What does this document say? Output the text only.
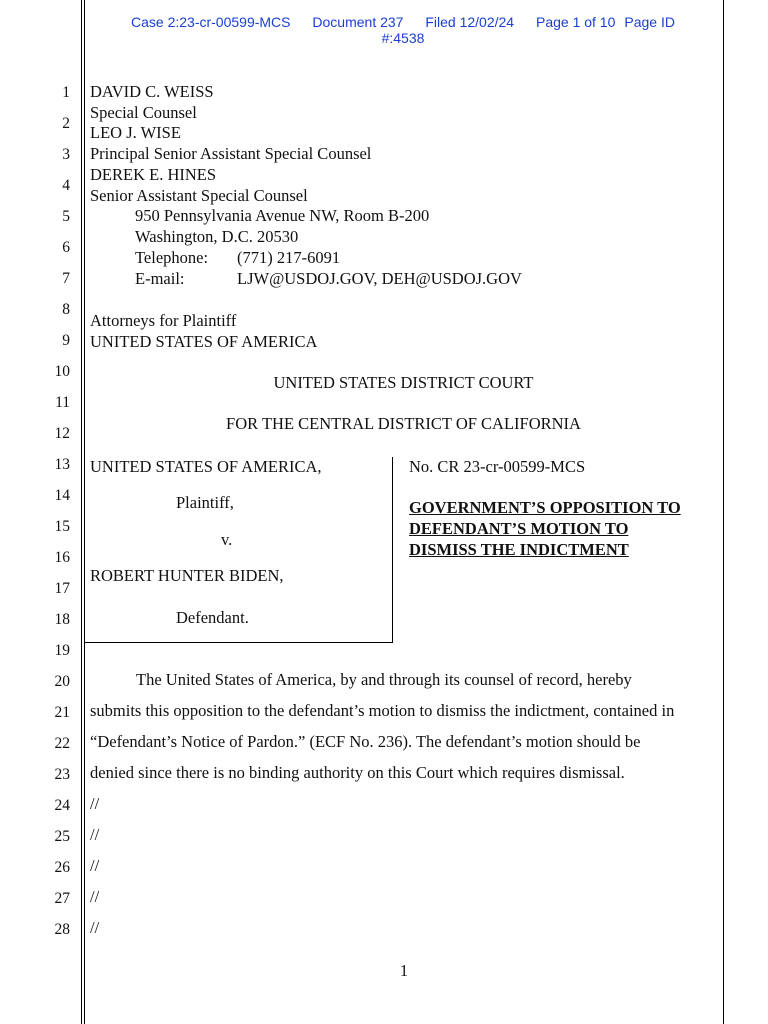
Case 2:23-cr-00599-MCS Document 237 Filed 12/02/24 Page 1 of 10 Page ID
#:4538
1
2
3
4
5
6
7
8
9
10
11
12
13
14
15
16
17
18
19
20
21
22
23
24
25
26
27
28
DAVID C. WEISS
Special Counsel
LEO J. WISE
Principal Senior Assistant Special Counsel
DEREK E. HINES
Senior Assistant Special Counsel
950 Pennsylvania Avenue NW, Room B-200
Washington, D.C. 20530
Telephone: (771) 217-6091
E-mail:	LJW@USDOJ.GOV, DEH@USDOJ.GOV
Attorneys for Plaintiff
UNITED STATES OF AMERICA
UNITED STATES DISTRICT COURT
FOR THE CENTRAL DISTRICT OF CALIFORNIA
UNITED STATES OF AMERICA,
Plaintiff,
v.
ROBERT HUNTER BIDEN,
Defendant.
No. CR 23-cr-00599-MCS
GOVERNMENT’S OPPOSITION TO
DEFENDANT’S MOTION TO
DISMISS THE INDICTMENT
The United States of America, by and through its counsel of record, hereby
submits this opposition to the defendant’s motion to dismiss the indictment, contained in
“Defendant’s Notice of Pardon.” (ECF No. 236). The defendant’s motion should be
denied since there is no binding authority on this Court which requires dismissal.
//
//
//
//
//
1
